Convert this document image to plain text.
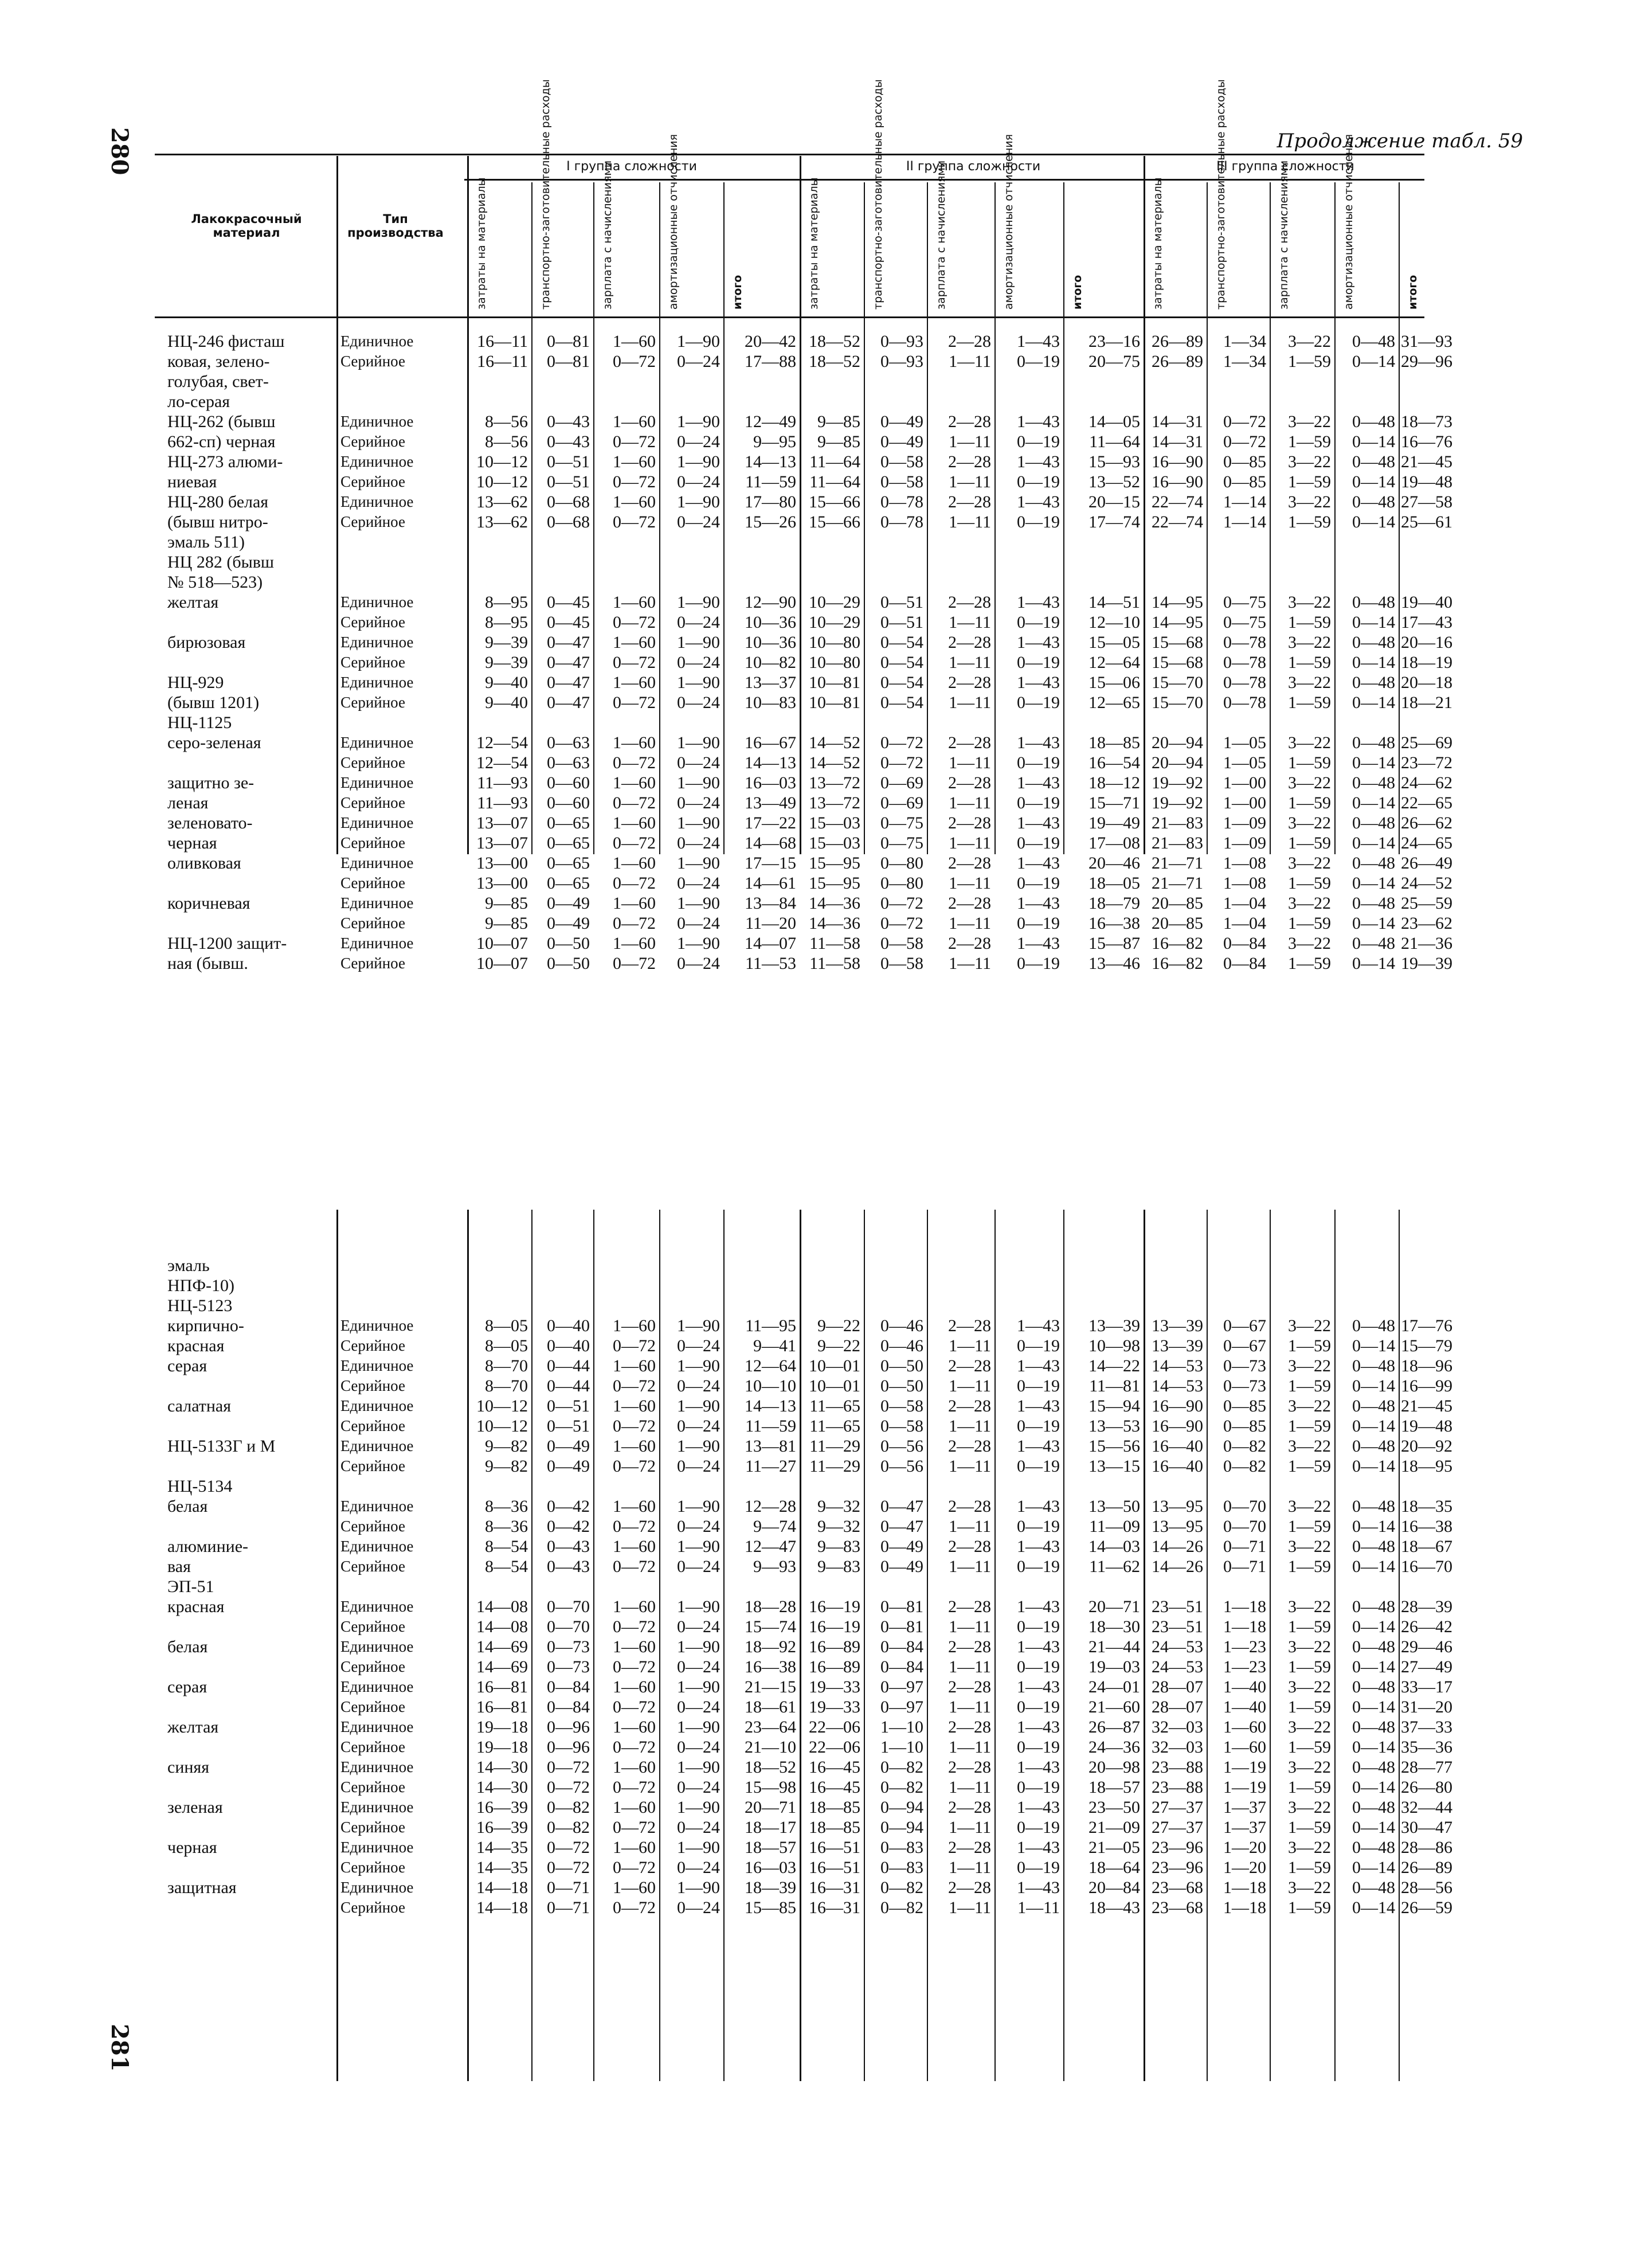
280	Продолжение табл. 59
281
Лакокрасочный материал
Тип производства
I группа сложности	II группа сложности	III группа сложности
затраты на материалы	транспортно-заготовительные расходы	зарплата с начислениями	амортизационные отчисления	итого	затраты на материалы	транспортно-заготовительные расходы	зарплата с начислениями	амортизационные отчисления	итого	затраты на материалы	транспортно-заготовительные расходы	зарплата с начислениями	амортизационные отчисления	итого
НЦ-246 фисташ	Единичное	16—11	0—81	1—60	1—90	20—42 18—52	0—93	2—28	1—43	23—16 26—89	1—34	3—22	0—48 31—93
ковая, зелено-	Серийное	16—11	0—81	0—72	0—24	17—88 18—52	0—93	1—11	0—19	20—75 26—89	1—34	1—59	0—14 29—96
голубая, свет-
ло-серая
НЦ-262 (бывш	Единичное	8—56	0—43	1—60	1—90	12—49	9—85	0—49	2—28	1—43	14—05 14—31	0—72	3—22	0—48 18—73
662-сп) черная	Серийное	8—56	0—43	0—72	0—24	9—95	9—85	0—49	1—11	0—19	11—64 14—31	0—72	1—59	0—14 16—76
НЦ-273 алюми-	Единичное	10—12	0—51	1—60	1—90	14—13 11—64	0—58	2—28	1—43	15—93 16—90	0—85	3—22	0—48 21—45
ниевая	Серийное	10—12	0—51	0—72	0—24	11—59 11—64	0—58	1—11	0—19	13—52 16—90	0—85	1—59	0—14 19—48
НЦ-280 белая	Единичное	13—62	0—68	1—60	1—90	17—80 15—66	0—78	2—28	1—43	20—15 22—74	1—14	3—22	0—48 27—58
(бывш нитро-	Серийное	13—62	0—68	0—72	0—24	15—26 15—66	0—78	1—11	0—19	17—74 22—74	1—14	1—59	0—14 25—61
эмаль 511)
НЦ 282 (бывш
№ 518—523)
желтая	Единичное	8—95	0—45	1—60	1—90	12—90 10—29	0—51	2—28	1—43	14—51 14—95	0—75	3—22	0—48 19—40
Серийное	8—95	0—45	0—72	0—24	10—36 10—29	0—51	1—11	0—19	12—10 14—95	0—75	1—59	0—14 17—43
бирюзовая	Единичное	9—39	0—47	1—60	1—90	10—36 10—80	0—54	2—28	1—43	15—05 15—68	0—78	3—22	0—48 20—16
Серийное	9—39	0—47	0—72	0—24	10—82 10—80	0—54	1—11	0—19	12—64 15—68	0—78	1—59	0—14 18—19
НЦ-929	Единичное	9—40	0—47	1—60	1—90	13—37 10—81	0—54	2—28	1—43	15—06 15—70	0—78	3—22	0—48 20—18
(бывш 1201)	Серийное	9—40	0—47	0—72	0—24	10—83 10—81	0—54	1—11	0—19	12—65 15—70	0—78	1—59	0—14 18—21
НЦ-1125
серо-зеленая	Единичное	12—54	0—63	1—60	1—90	16—67 14—52	0—72	2—28	1—43	18—85 20—94	1—05	3—22	0—48 25—69
Серийное	12—54	0—63	0—72	0—24	14—13 14—52	0—72	1—11	0—19	16—54 20—94	1—05	1—59	0—14 23—72
защитно зе-	Единичное	11—93	0—60	1—60	1—90	16—03 13—72	0—69	2—28	1—43	18—12 19—92	1—00	3—22	0—48 24—62
леная	Серийное	11—93	0—60	0—72	0—24	13—49 13—72	0—69	1—11	0—19	15—71 19—92	1—00	1—59	0—14 22—65
зеленовато-	Единичное	13—07	0—65	1—60	1—90	17—22 15—03	0—75	2—28	1—43	19—49 21—83	1—09	3—22	0—48 26—62
черная	Серийное	13—07	0—65	0—72	0—24	14—68 15—03	0—75	1—11	0—19	17—08 21—83	1—09	1—59	0—14 24—65
оливковая	Единичное	13—00	0—65	1—60	1—90	17—15 15—95	0—80	2—28	1—43	20—46 21—71	1—08	3—22	0—48 26—49
Серийное	13—00	0—65	0—72	0—24	14—61 15—95	0—80	1—11	0—19	18—05 21—71	1—08	1—59	0—14 24—52
коричневая	Единичное	9—85	0—49	1—60	1—90	13—84 14—36	0—72	2—28	1—43	18—79 20—85	1—04	3—22	0—48 25—59
Серийное	9—85	0—49	0—72	0—24	11—20 14—36	0—72	1—11	0—19	16—38 20—85	1—04	1—59	0—14 23—62
НЦ-1200 защит-	Единичное	10—07	0—50	1—60	1—90	14—07 11—58	0—58	2—28	1—43	15—87 16—82	0—84	3—22	0—48 21—36
ная (бывш.	Серийное	10—07	0—50	0—72	0—24	11—53 11—58	0—58	1—11	0—19	13—46 16—82	0—84	1—59	0—14 19—39
эмаль
НПФ-10)
НЦ-5123
кирпично-	Единичное	8—05	0—40	1—60	1—90	11—95	9—22	0—46	2—28	1—43	13—39 13—39	0—67	3—22	0—48 17—76
красная	Серийное	8—05	0—40	0—72	0—24	9—41	9—22	0—46	1—11	0—19	10—98 13—39	0—67	1—59	0—14 15—79
серая	Единичное	8—70	0—44	1—60	1—90	12—64 10—01	0—50	2—28	1—43	14—22 14—53	0—73	3—22	0—48 18—96
Серийное	8—70	0—44	0—72	0—24	10—10 10—01	0—50	1—11	0—19	11—81 14—53	0—73	1—59	0—14 16—99
салатная	Единичное	10—12	0—51	1—60	1—90	14—13 11—65	0—58	2—28	1—43	15—94 16—90	0—85	3—22	0—48 21—45
Серийное	10—12	0—51	0—72	0—24	11—59 11—65	0—58	1—11	0—19	13—53 16—90	0—85	1—59	0—14 19—48
НЦ-5133Г и М	Единичное	9—82	0—49	1—60	1—90	13—81 11—29	0—56	2—28	1—43	15—56 16—40	0—82	3—22	0—48 20—92
Серийное	9—82	0—49	0—72	0—24	11—27 11—29	0—56	1—11	0—19	13—15 16—40	0—82	1—59	0—14 18—95
НЦ-5134
белая	Единичное	8—36	0—42	1—60	1—90	12—28	9—32	0—47	2—28	1—43	13—50 13—95	0—70	3—22	0—48 18—35
Серийное	8—36	0—42	0—72	0—24	9—74	9—32	0—47	1—11	0—19	11—09 13—95	0—70	1—59	0—14 16—38
алюминие-	Единичное	8—54	0—43	1—60	1—90	12—47	9—83	0—49	2—28	1—43	14—03 14—26	0—71	3—22	0—48 18—67
вая	Серийное	8—54	0—43	0—72	0—24	9—93	9—83	0—49	1—11	0—19	11—62 14—26	0—71	1—59	0—14 16—70
ЭП-51
красная	Единичное	14—08	0—70	1—60	1—90	18—28 16—19	0—81	2—28	1—43	20—71 23—51	1—18	3—22	0—48 28—39
Серийное	14—08	0—70	0—72	0—24	15—74 16—19	0—81	1—11	0—19	18—30 23—51	1—18	1—59	0—14 26—42
белая	Единичное	14—69	0—73	1—60	1—90	18—92 16—89	0—84	2—28	1—43	21—44 24—53	1—23	3—22	0—48 29—46
Серийное	14—69	0—73	0—72	0—24	16—38 16—89	0—84	1—11	0—19	19—03 24—53	1—23	1—59	0—14 27—49
серая	Единичное	16—81	0—84	1—60	1—90	21—15 19—33	0—97	2—28	1—43	24—01 28—07	1—40	3—22	0—48 33—17
Серийное	16—81	0—84	0—72	0—24	18—61 19—33	0—97	1—11	0—19	21—60 28—07	1—40	1—59	0—14 31—20
желтая	Единичное	19—18	0—96	1—60	1—90	23—64 22—06	1—10	2—28	1—43	26—87 32—03	1—60	3—22	0—48 37—33
Серийное	19—18	0—96	0—72	0—24	21—10 22—06	1—10	1—11	0—19	24—36 32—03	1—60	1—59	0—14 35—36
синяя	Единичное	14—30	0—72	1—60	1—90	18—52 16—45	0—82	2—28	1—43	20—98 23—88	1—19	3—22	0—48 28—77
Серийное	14—30	0—72	0—72	0—24	15—98 16—45	0—82	1—11	0—19	18—57 23—88	1—19	1—59	0—14 26—80
зеленая	Единичное	16—39	0—82	1—60	1—90	20—71 18—85	0—94	2—28	1—43	23—50 27—37	1—37	3—22	0—48 32—44
Серийное	16—39	0—82	0—72	0—24	18—17 18—85	0—94	1—11	0—19	21—09 27—37	1—37	1—59	0—14 30—47
черная	Единичное	14—35	0—72	1—60	1—90	18—57 16—51	0—83	2—28	1—43	21—05 23—96	1—20	3—22	0—48 28—86
Серийное	14—35	0—72	0—72	0—24	16—03 16—51	0—83	1—11	0—19	18—64 23—96	1—20	1—59	0—14 26—89
защитная	Единичное	14—18	0—71	1—60	1—90	18—39 16—31	0—82	2—28	1—43	20—84 23—68	1—18	3—22	0—48 28—56
Серийное	14—18	0—71	0—72	0—24	15—85 16—31	0—82	1—11	1—11	18—43 23—68	1—18	1—59	0—14 26—59
